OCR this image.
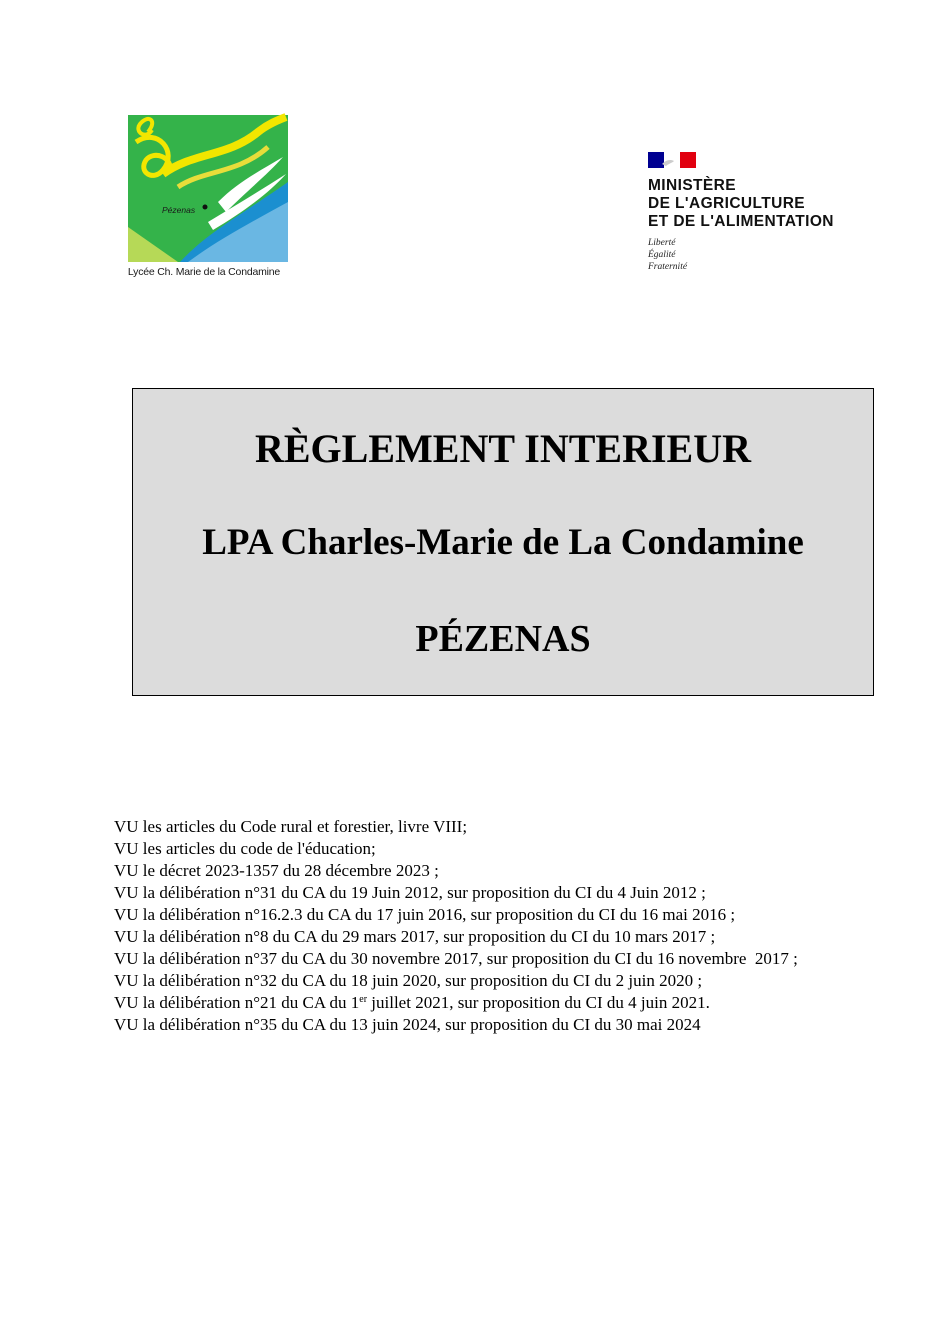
Pézenas
Lycée Ch. Marie de la Condamine
MINISTÈRE
DE L'AGRICULTURE
ET DE L'ALIMENTATION
Liberté
Égalité
Fraternité
RÈGLEMENT INTERIEUR
LPA Charles-Marie de La Condamine
PÉZENAS
VU les articles du Code rural et forestier, livre VIII;
VU les articles du code de l'éducation;
VU le décret 2023-1357 du 28 décembre 2023 ;
VU la délibération n°31 du CA du 19 Juin 2012, sur proposition du CI du 4 Juin 2012 ;
VU la délibération n°16.2.3 du CA du 17 juin 2016, sur proposition du CI du 16 mai 2016 ;
VU la délibération n°8 du CA du 29 mars 2017, sur proposition du CI du 10 mars 2017 ;
VU la délibération n°37 du CA du 30 novembre 2017, sur proposition du CI du 16 novembre  2017 ;
VU la délibération n°32 du CA du 18 juin 2020, sur proposition du CI du 2 juin 2020 ;
VU la délibération n°21 du CA du 1er juillet 2021, sur proposition du CI du 4 juin 2021.
VU la délibération n°35 du CA du 13 juin 2024, sur proposition du CI du 30 mai 2024
